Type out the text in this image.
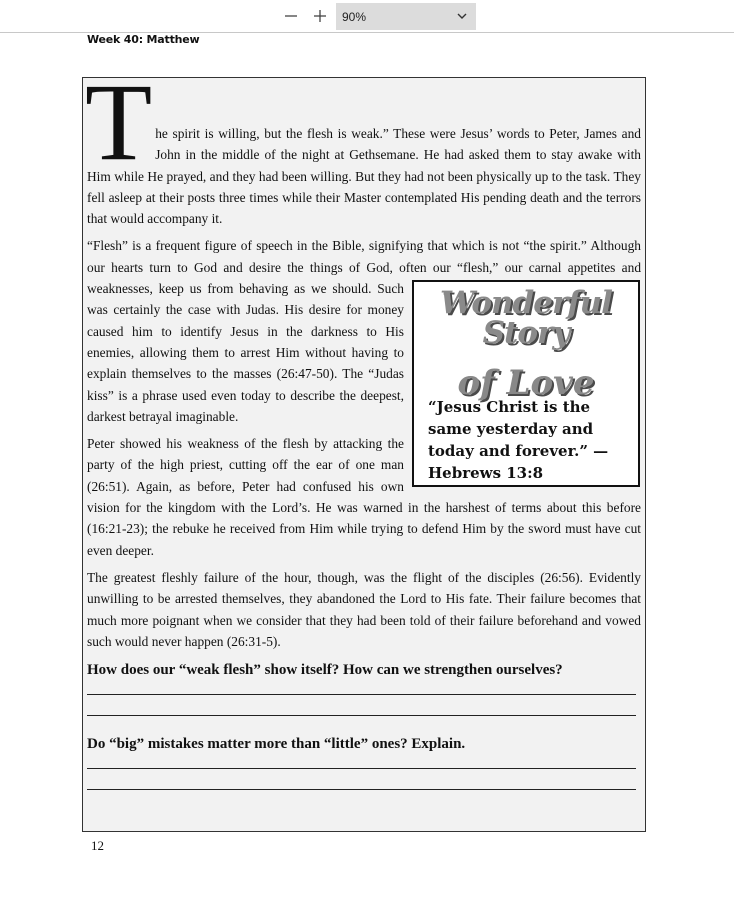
90%
Week 40: Matthew

The spirit is willing, but the flesh is weak.” These were Jesus’ words to Peter, James and John in the middle of the night at Gethsemane. He had asked them to stay awake with Him while He prayed, and they had been willing. But they had not been physically up to the task. They fell asleep at their posts three times while their Master contemplated His pending death and the terrors that would accompany it.

“Flesh” is a frequent figure of speech in the Bible, signifying that which is not “the spirit.” Although our hearts turn to God and desire the things of God, often our “flesh,” our carnal appe
Wonderful Story
of Love
“Jesus Christ is the same yesterday and today and forever.” — Hebrews 13:8
tites and weaknesses, keep us from behaving as we should. Such was certainly the case with Judas. His desire for money caused him to identify Jesus in the darkness to His enemies, allowing them to arrest Him without having to explain themselves to the masses (26:47-50). The “Judas kiss” is a phrase used even today to describe the deepest, darkest betrayal imaginable.

Peter showed his weakness of the flesh by attacking the party of the high priest, cutting off the ear of one man (26:51). Again, as before, Peter had confused his own vision for the kingdom with the Lord’s. He was warned in the harshest of terms about this before (16:21-23); the rebuke he received from Him while trying to defend Him by the sword must have cut even deeper.

The greatest fleshly failure of the hour, though, was the flight of the disciples (26:56). Evidently unwilling to be arrested themselves, they abandoned the Lord to His fate. Their failure becomes that much more poignant when we consider that they had been told of their failure beforehand and vowed such would never happen (26:31-5).

How does our “weak flesh” show itself? How can we strengthen ourselves?
Do “big” mistakes matter more than “little” ones? Explain.
12
